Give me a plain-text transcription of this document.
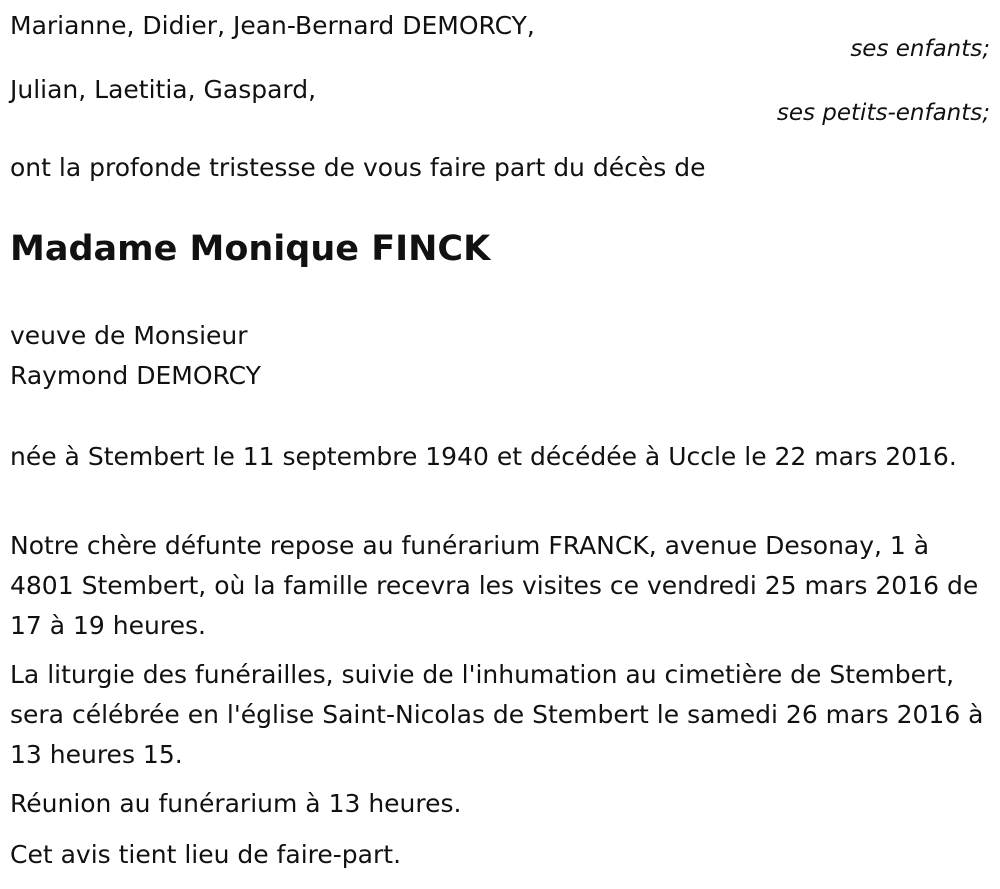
Marianne, Didier, Jean-Bernard DEMORCY,
ses enfants;
Julian, Laetitia, Gaspard,
ses petits-enfants;
ont la profonde tristesse de vous faire part du décès de
Madame Monique FINCK
veuve de Monsieur
Raymond DEMORCY
née à Stembert le 11 septembre 1940 et décédée à Uccle le 22 mars 2016.
Notre chère défunte repose au funérarium FRANCK, avenue Desonay, 1 à 4801 Stembert, où la famille recevra les visites ce vendredi 25 mars 2016 de 17 à 19 heures.
La liturgie des funérailles, suivie de l'inhumation au cimetière de Stembert, sera célébrée en l'église Saint-Nicolas de Stembert le samedi 26 mars 2016 à 13 heures 15.
Réunion au funérarium à 13 heures.
Cet avis tient lieu de faire-part.
